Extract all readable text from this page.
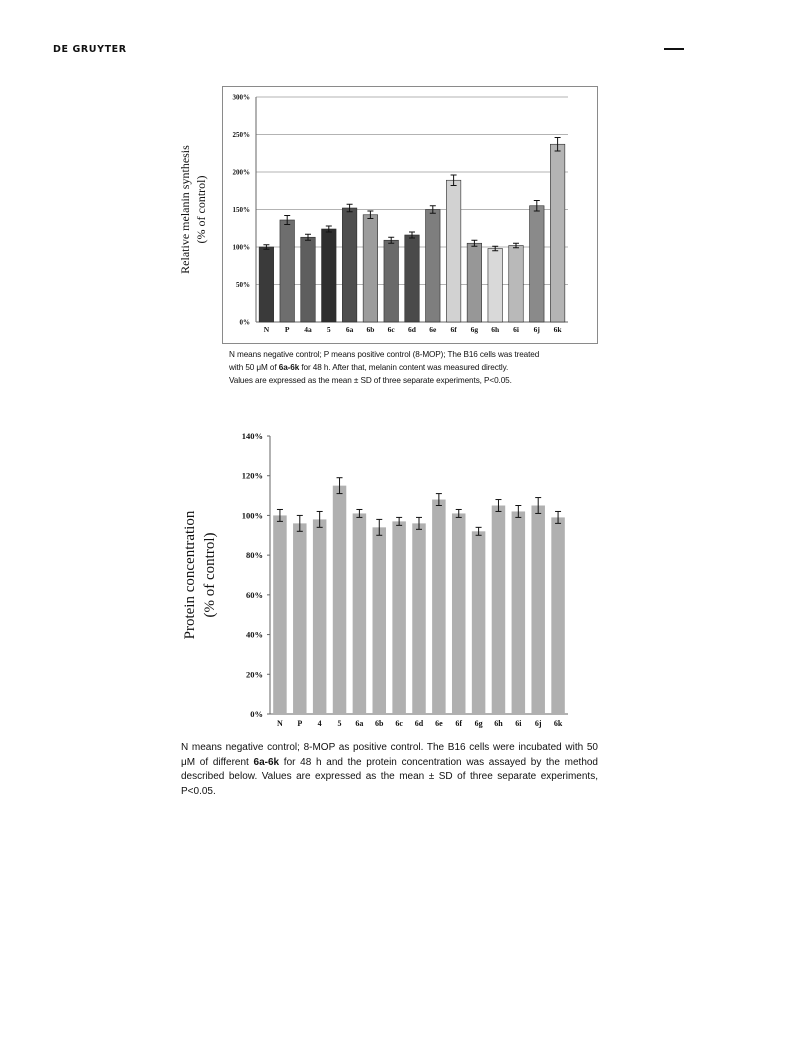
DE GRUYTER
0%
50%
100%
150%
200%
250%
300%
N P 4a 5 6a 6b 6c 6d 6e 6f 6g 6h 6i 6j 6k
Relative melanin synthesis (% of control)
0%
20%
40%
60%
80%
100%
120%
140%
N P 4 5 6a 6b 6c 6d 6e 6f 6g 6h 6i 6j 6k
Protein concentration (% of control)
N means negative control; P means positive control (8-MOP); The B16 cells was treated
with 50 μM of 6a-6k for 48 h. After that, melanin content was measured directly.
Values are expressed as the mean ± SD of three separate experiments, P<0.05.
N means negative control; 8-MOP as positive control. The B16 cells were incubated with 50 μM of different 6a-6k for 48 h and the protein concentration was assayed by the method described below. Values are expressed as the mean ± SD of three separate experiments, P<0.05.
